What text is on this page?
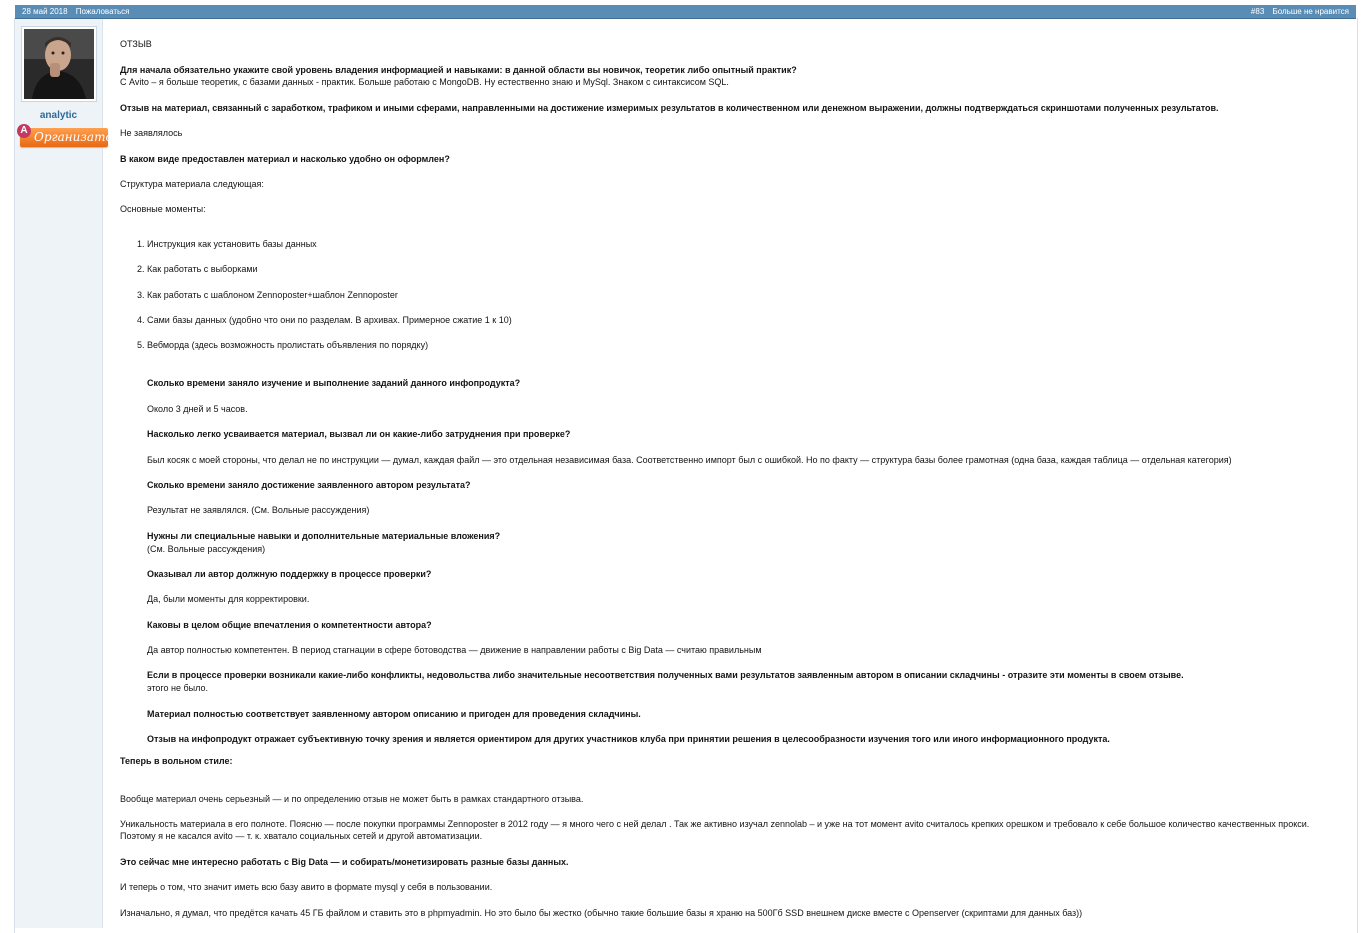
28 май 2018 Пожаловаться	#83 Больше не нравится
analytic
Организатор
A

ОТЗЫВ

Для начала обязательно укажите свой уровень владения информацией и навыками: в данной области вы новичок, теоретик либо опытный практик?

С Avito – я больше теоретик, с базами данных - практик. Больше работаю с MongoDB. Ну естественно знаю и MySql. Знаком с синтаксисом SQL.

Отзыв на материал, связанный с заработком, трафиком и иными сферами, направленными на достижение измеримых результатов в количественном или денежном выражении, должны подтверждаться скриншотами полученных результатов.

Не заявлялось

В каком виде предоставлен материал и насколько удобно он оформлен?

Структура материала следующая:

Основные моменты:

1. Инструкция как установить базы данных
2. Как работать с выборками
3. Как работать с шаблоном Zennoposter+шаблон Zennoposter
4. Сами базы данных (удобно что они по разделам. В архивах. Примерное сжатие 1 к 10)
5. Вебморда (здесь возможность пролистать объявления по порядку)

Сколько времени заняло изучение и выполнение заданий данного инфопродукта?

Около 3 дней и 5 часов.

Насколько легко усваивается материал, вызвал ли он какие-либо затруднения при проверке?

Был косяк с моей стороны, что делал не по инструкции — думал, каждая файл — это отдельная независимая база. Соответственно импорт был с ошибкой. Но по факту — структура базы более грамотная (одна база, каждая таблица — отдельная категория)

Сколько времени заняло достижение заявленного автором результата?

Результат не заявлялся. (См. Вольные рассуждения)

Нужны ли специальные навыки и дополнительные материальные вложения?

(См. Вольные рассуждения)

Оказывал ли автор должную поддержку в процессе проверки?

Да, были моменты для корректировки.

Каковы в целом общие впечатления о компетентности автора?

Да автор полностью компетентен. В период стагнации в сфере ботоводства — движение в направлении работы с Big Data — считаю правильным

Если в процессе проверки возникали какие-либо конфликты, недовольства либо значительные несоответствия полученных вами результатов заявленным автором в описании складчины - отразите эти моменты в своем отзыве.

этого не было.

Материал полностью соответствует заявленному автором описанию и пригоден для проведения складчины.

Отзыв на инфопродукт отражает субъективную точку зрения и является ориентиром для других участников клуба при принятии решения в целесообразности изучения того или иного информационного продукта.

Теперь в вольном стиле:

Вообще материал очень серьезный — и по определению отзыв не может быть в рамках стандартного отзыва.

Уникальность материала в его полноте. Поясню — после покупки программы Zennoposter в 2012 году — я много чего с ней делал . Так же активно изучал zennolab – и уже на тот момент avito считалось крепких орешком и требовало к себе большое количество качественных прокси. Поэтому я не касался avito — т. к. хватало социальных сетей и другой автоматизации.

Это сейчас мне интересно работать с Big Data — и собирать/монетизировать разные базы данных.

И теперь о том, что значит иметь всю базу авито в формате mysql у себя в пользовании.

Изначально, я думал, что предётся качать 45 ГБ файлом и ставить это в phpmyadmin. Но это было бы жестко (обычно такие большие базы я храню на 500Гб SSD внешнем диске вместе с Openserver (скриптами для данных баз))
